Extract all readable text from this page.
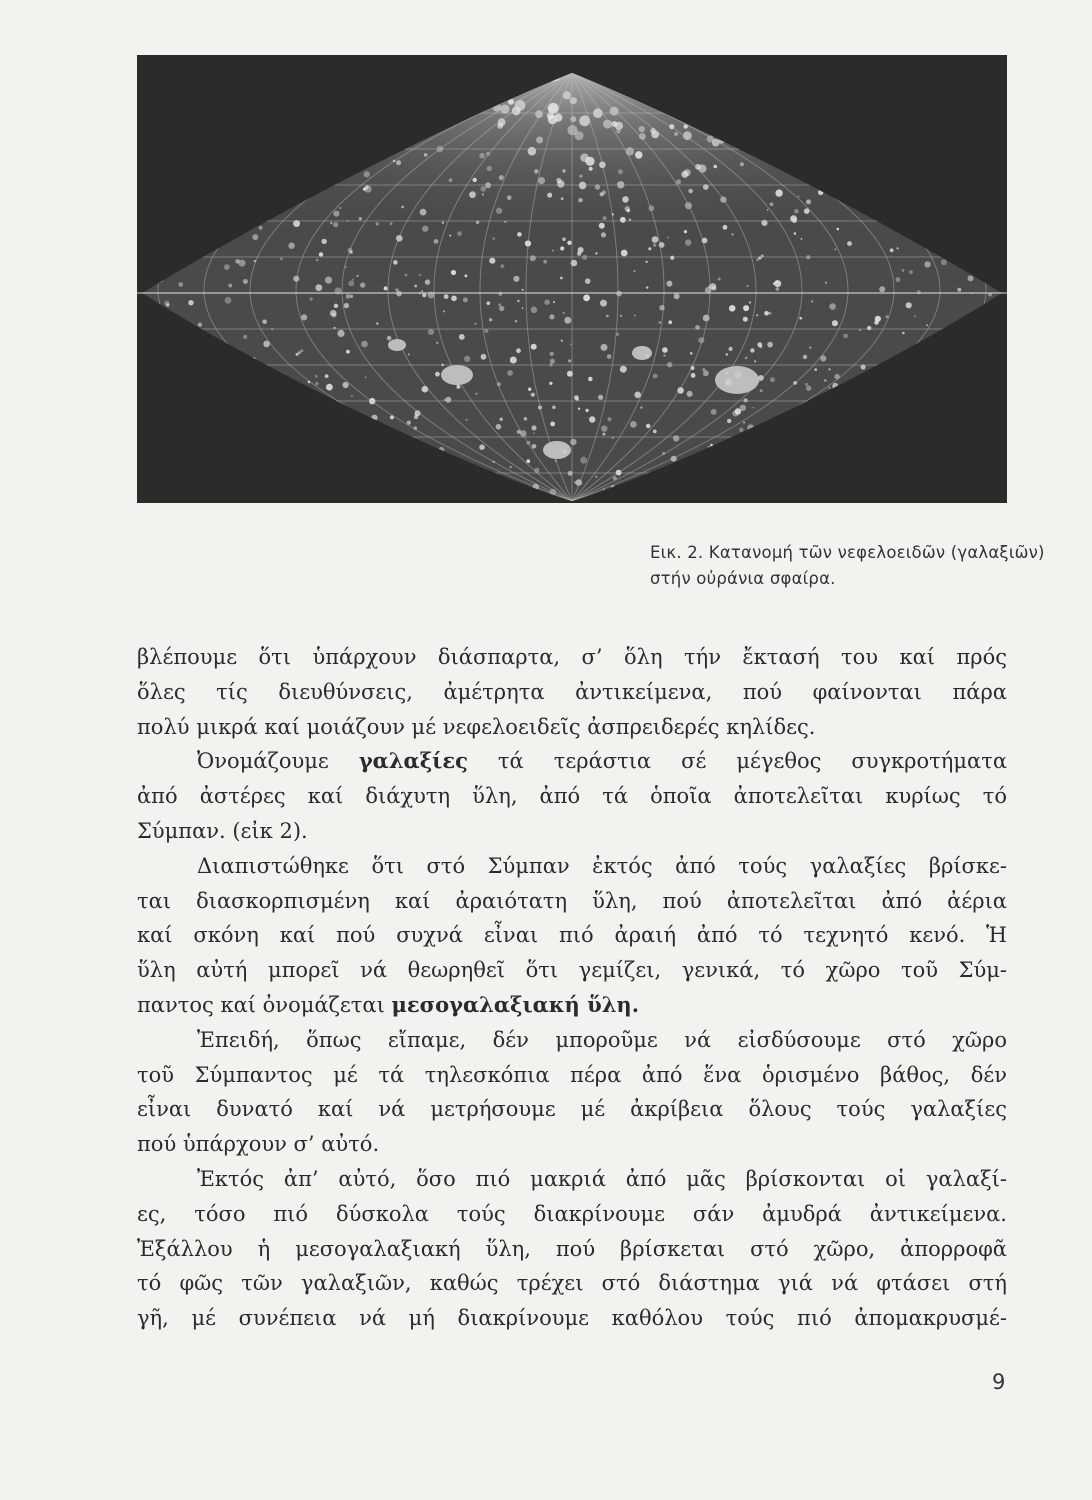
Εικ. 2. Κατανομή τῶν νεφελοειδῶν (γαλαξιῶν)
στήν οὐράνια σφαίρα.
βλέπουμε ὅτι ὑπάρχουν διάσπαρτα, σ’ ὅλη τήν ἔκτασή του καί πρός
ὅλες τίς διευθύνσεις, ἀμέτρητα ἀντικείμενα, πού φαίνονται πάρα
πολύ μικρά καί μοιάζουν μέ νεφελοειδεῖς ἀσπρειδερές κηλίδες.
Ὀνομάζουμε γαλαξίες τά τεράστια σέ μέγεθος συγκροτήματα
ἀπό ἀστέρες καί διάχυτη ὕλη, ἀπό τά ὁποῖα ἀποτελεῖται κυρίως τό
Σύμπαν. (εἰκ 2).
Διαπιστώθηκε ὅτι στό Σύμπαν ἐκτός ἀπό τούς γαλαξίες βρίσκε-
ται διασκορπισμένη καί ἀραιότατη ὕλη, πού ἀποτελεῖται ἀπό ἀέρια
καί σκόνη καί πού συχνά εἶναι πιό ἀραιή ἀπό τό τεχνητό κενό. Ἡ
ὕλη αὐτή μπορεῖ νά θεωρηθεῖ ὅτι γεμίζει, γενικά, τό χῶρο τοῦ Σύμ-
παντος καί ὀνομάζεται μεσογαλαξιακή ὕλη.
Ἐπειδή, ὅπως εἴπαμε, δέν μποροῦμε νά εἰσδύσουμε στό χῶρο
τοῦ Σύμπαντος μέ τά τηλεσκόπια πέρα ἀπό ἕνα ὁρισμένο βάθος, δέν
εἶναι δυνατό καί νά μετρήσουμε μέ ἀκρίβεια ὅλους τούς γαλαξίες
πού ὑπάρχουν σ’ αὐτό.
Ἐκτός ἀπ’ αὐτό, ὅσο πιό μακριά ἀπό μᾶς βρίσκονται οἱ γαλαξί-
ες, τόσο πιό δύσκολα τούς διακρίνουμε σάν ἀμυδρά ἀντικείμενα.
Ἐξάλλου ἡ μεσογαλαξιακή ὕλη, πού βρίσκεται στό χῶρο, ἀπορροφᾶ
τό φῶς τῶν γαλαξιῶν, καθώς τρέχει στό διάστημα γιά νά φτάσει στή
γῆ, μέ συνέπεια νά μή διακρίνουμε καθόλου τούς πιό ἀπομακρυσμέ-
9
